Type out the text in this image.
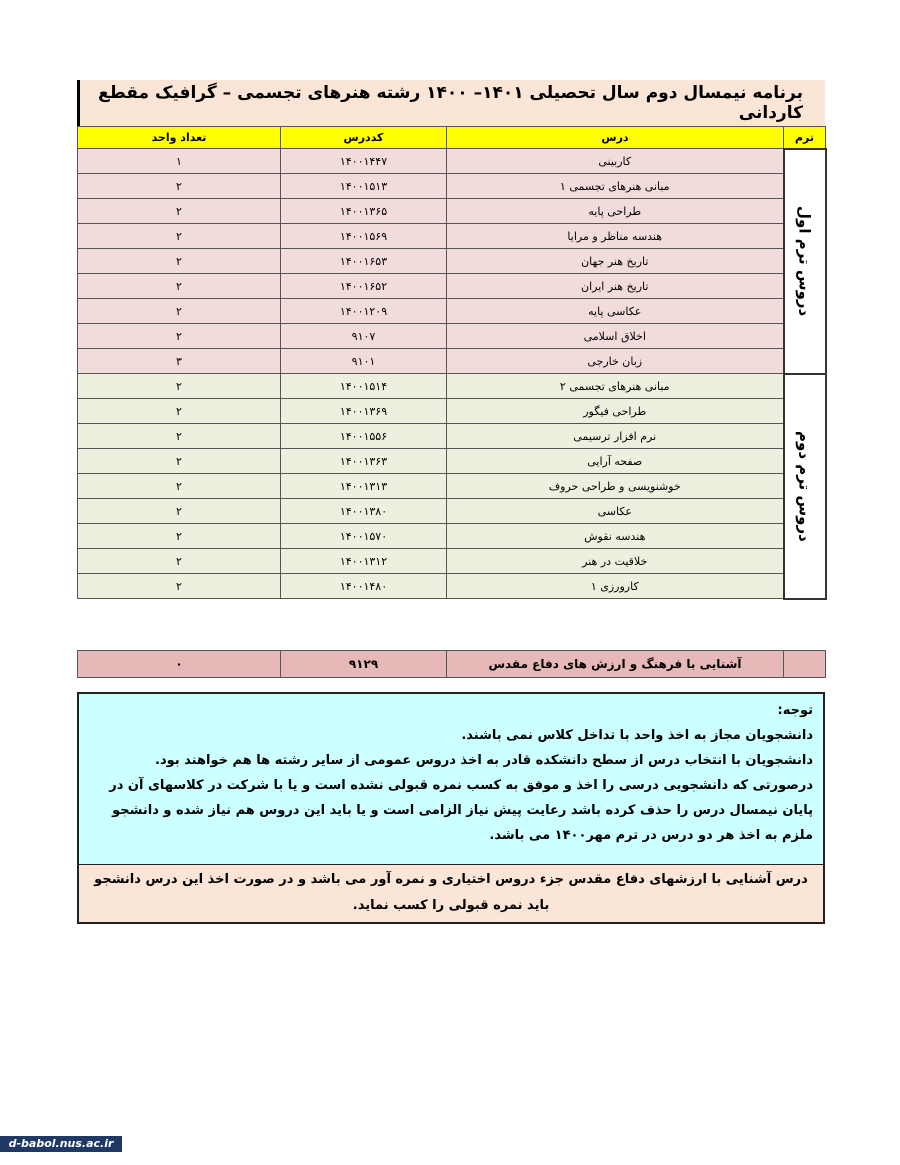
برنامه نیمسال دوم سال تحصیلی ۱۴۰۱– ۱۴۰۰ رشته هنرهای تجسمی – گرافیک مقطع کاردانی
ترم	درس	کددرس	تعداد واحد

دروس ترم اول	کاربینی	۱۴۰۰۱۴۴۷	۱
	مبانی هنرهای تجسمی ۱	۱۴۰۰۱۵۱۳	۲
	طراحی پایه	۱۴۰۰۱۳۶۵	۲
	هندسه مناظر و مرایا	۱۴۰۰۱۵۶۹	۲
	تاریخ هنر جهان	۱۴۰۰۱۶۵۳	۲
	تاریخ هنر ایران	۱۴۰۰۱۶۵۲	۲
	عکاسی پایه	۱۴۰۰۱۲۰۹	۲
	اخلاق اسلامی	۹۱۰۷	۲
	زبان خارجی	۹۱۰۱	۳

دروس ترم دوم	مبانی هنرهای تجسمی ۲	۱۴۰۰۱۵۱۴	۲
	طراحی فیگور	۱۴۰۰۱۳۶۹	۲
	نرم افزار ترسیمی	۱۴۰۰۱۵۵۶	۲
	صفحه آرایی	۱۴۰۰۱۳۶۳	۲
	خوشنویسی و طراحی حروف	۱۴۰۰۱۳۱۳	۲
	عکاسی	۱۴۰۰۱۳۸۰	۲
	هندسه نقوش	۱۴۰۰۱۵۷۰	۲
	خلاقیت در هنر	۱۴۰۰۱۳۱۲	۲
	کارورزی ۱	۱۴۰۰۱۴۸۰	۲
	آشنایی با فرهنگ و ارزش های دفاع مقدس	۹۱۲۹	۰

توجه:

دانشجویان مجاز به اخذ واحد با تداخل کلاس نمی باشند.

دانشجویان با انتخاب درس از سطح دانشکده قادر به اخذ دروس عمومی از سایر رشته ها هم خواهند بود.

درصورتی که دانشجویی درسی را اخذ و موفق به کسب نمره قبولی نشده است و یا با شرکت در کلاسهای آن در پایان نیمسال درس را حذف کرده باشد رعایت پیش نیاز الزامی است و یا باید این دروس هم نیاز شده و دانشجو ملزم به اخذ هر دو درس در ترم مهر۱۴۰۰ می باشد.

درس آشنایی با ارزشهای دفاع مقدس جزء دروس اختیاری و نمره آور می باشد و در صورت اخذ این درس دانشجو باید نمره قبولی را کسب نماید.
d-babol.nus.ac.ir
